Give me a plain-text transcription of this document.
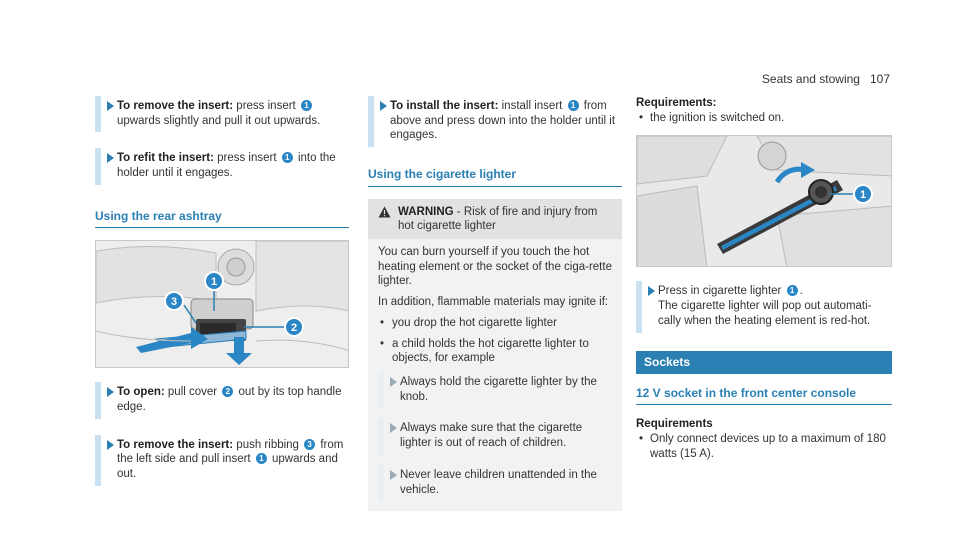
Seats and stowing 107
To remove the insert: press insert 1 upwards slightly and pull it out upwards.
To refit the insert: press insert 1 into the holder until it engages.
Using the rear ashtray
1
3
2
To open: pull cover 2 out by its top handle edge.
To remove the insert: push ribbing 3 from the left side and pull insert 1 upwards and out.
To install the insert: install insert 1 from above and press down into the holder until it engages.
Using the cigarette lighter
WARNING - Risk of fire and injury from hot cigarette lighter

You can burn yourself if you touch the hot heating element or the socket of the ciga-rette lighter.

In addition, flammable materials may ignite if:

• you drop the hot cigarette lighter
• a child holds the hot cigarette lighter to objects, for example
Always hold the cigarette lighter by the knob.
Always make sure that the cigarette lighter is out of reach of children.
Never leave children unattended in the vehicle.
Requirements:
• the ignition is switched on.
1
Press in cigarette lighter 1 .
The cigarette lighter will pop out automati-cally when the heating element is red-hot.
Sockets
12 V socket in the front center console
Requirements
• Only connect devices up to a maximum of 180 watts (15 A).
